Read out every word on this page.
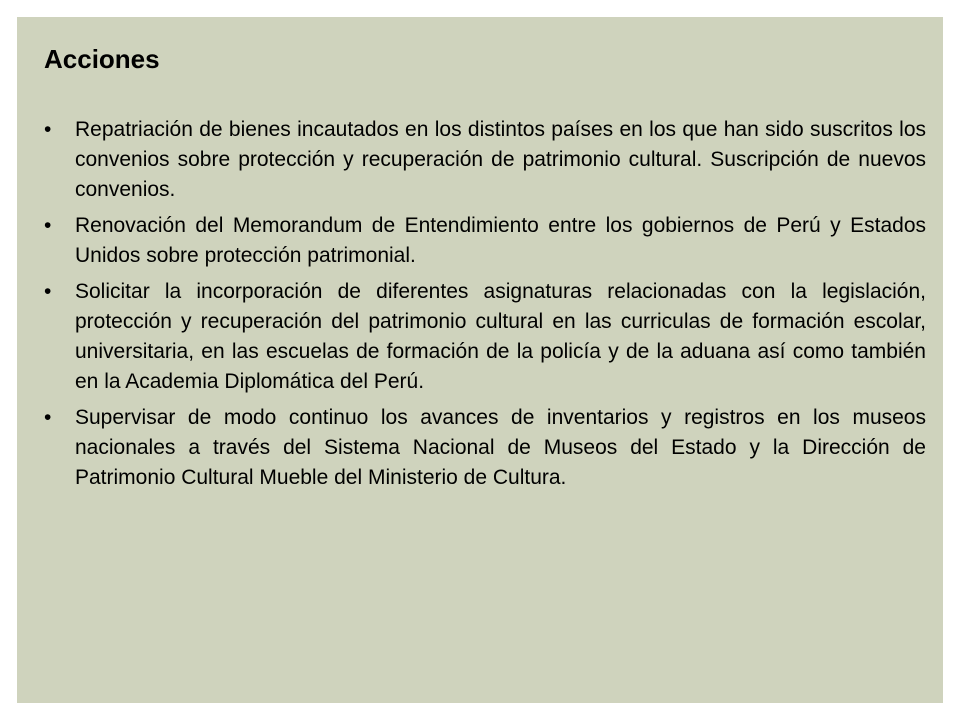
Acciones
•	Repatriación de bienes incautados en los distintos países en los que han sido suscritos los convenios sobre protección y recuperación de patrimonio cultural. Suscripción de nuevos convenios.
•	Renovación del Memorandum de Entendimiento entre los gobiernos de Perú y Estados Unidos sobre protección patrimonial.
•	Solicitar la incorporación de diferentes asignaturas relacionadas con la legislación, protección y recuperación del patrimonio cultural en las curriculas de formación escolar, universitaria, en las escuelas de formación de la policía y de la aduana así como también en la Academia Diplomática del Perú.
•	Supervisar de modo continuo los avances de inventarios y registros en los museos nacionales a través del Sistema Nacional de Museos del Estado y la Dirección de Patrimonio Cultural Mueble del Ministerio de Cultura.
